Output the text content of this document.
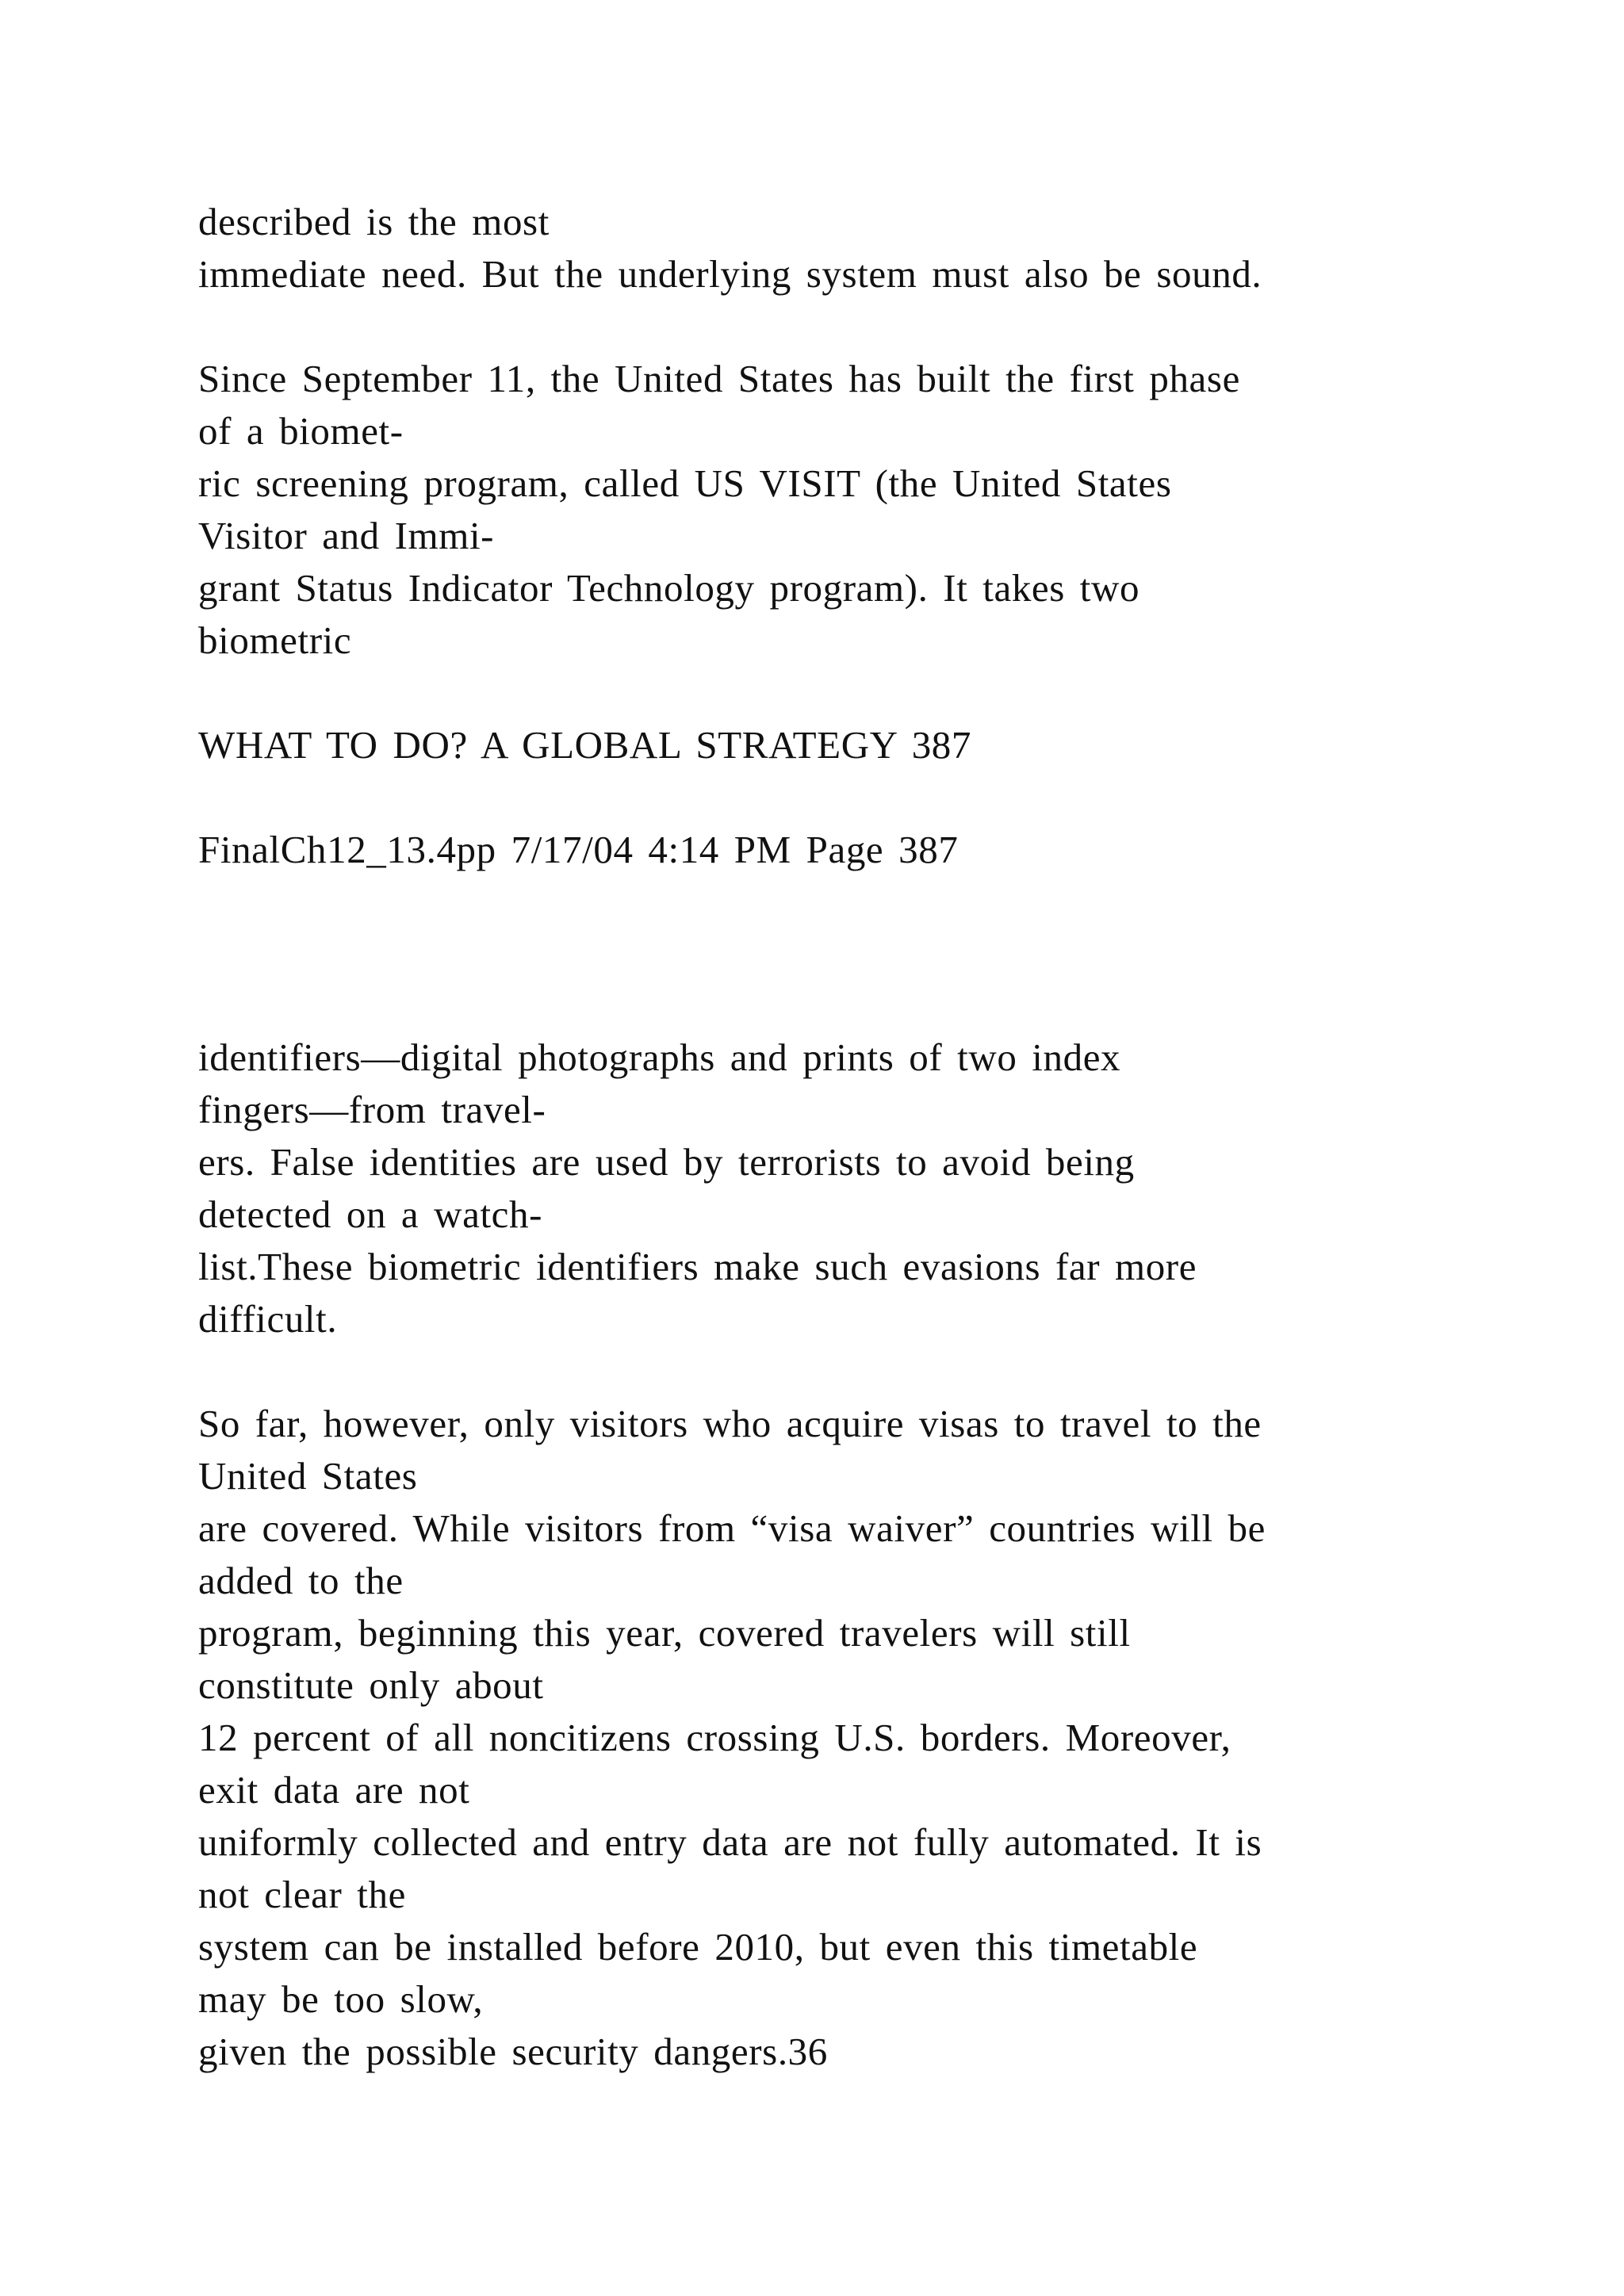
described is the most
immediate need. But the underlying system must also be sound.
Since September 11, the United States has built the first phase
of a biomet-
ric screening program, called US VISIT (the United States
Visitor and Immi-
grant Status Indicator Technology program). It takes two
biometric
WHAT TO DO? A GLOBAL STRATEGY 387
FinalCh12_13.4pp 7/17/04 4:14 PM Page 387
identifiers—digital photographs and prints of two index
fingers—from travel-
ers. False identities are used by terrorists to avoid being
detected on a watch-
list.These biometric identifiers make such evasions far more
difficult.
So far, however, only visitors who acquire visas to travel to the
United States
are covered. While visitors from “visa waiver” countries will be
added to the
program, beginning this year, covered travelers will still
constitute only about
12 percent of all noncitizens crossing U.S. borders. Moreover,
exit data are not
uniformly collected and entry data are not fully automated. It is
not clear the
system can be installed before 2010, but even this timetable
may be too slow,
given the possible security dangers.36
